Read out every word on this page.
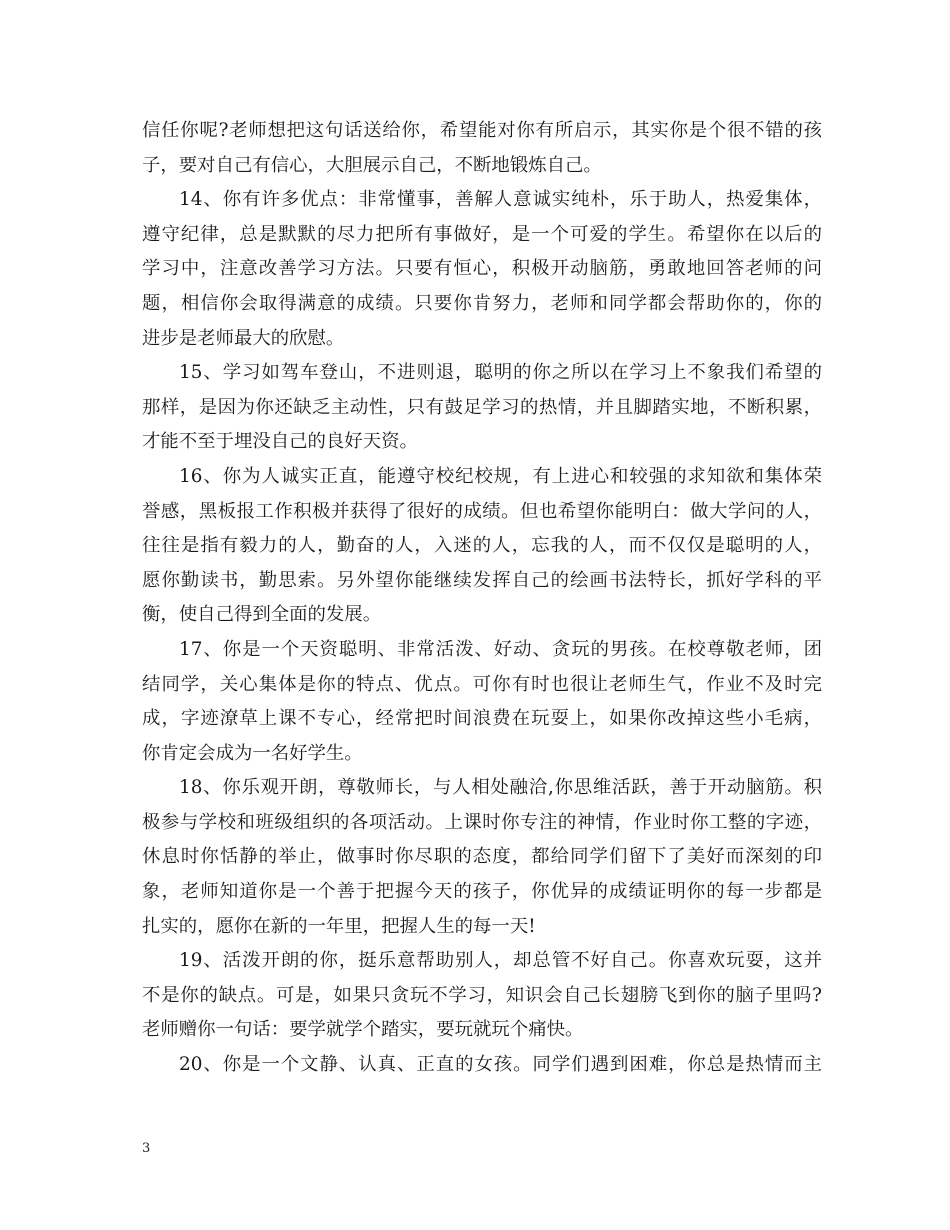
信任你呢?老师想把这句话送给你，希望能对你有所启示，其实你是个很不错的孩
子，要对自己有信心，大胆展示自己，不断地锻炼自己。
14、你有许多优点：非常懂事，善解人意诚实纯朴，乐于助人，热爱集体，
遵守纪律，总是默默的尽力把所有事做好，是一个可爱的学生。希望你在以后的
学习中，注意改善学习方法。只要有恒心，积极开动脑筋，勇敢地回答老师的问
题，相信你会取得满意的成绩。只要你肯努力，老师和同学都会帮助你的，你的
进步是老师最大的欣慰。
15、学习如驾车登山，不进则退，聪明的你之所以在学习上不象我们希望的
那样，是因为你还缺乏主动性，只有鼓足学习的热情，并且脚踏实地，不断积累，
才能不至于埋没自己的良好天资。
16、你为人诚实正直，能遵守校纪校规，有上进心和较强的求知欲和集体荣
誉感，黑板报工作积极并获得了很好的成绩。但也希望你能明白：做大学问的人，
往往是指有毅力的人，勤奋的人，入迷的人，忘我的人，而不仅仅是聪明的人，
愿你勤读书，勤思索。另外望你能继续发挥自己的绘画书法特长，抓好学科的平
衡，使自己得到全面的发展。
17、你是一个天资聪明、非常活泼、好动、贪玩的男孩。在校尊敬老师，团
结同学，关心集体是你的特点、优点。可你有时也很让老师生气，作业不及时完
成，字迹潦草上课不专心，经常把时间浪费在玩耍上，如果你改掉这些小毛病，
你肯定会成为一名好学生。
18、你乐观开朗，尊敬师长，与人相处融洽,你思维活跃，善于开动脑筋。积
极参与学校和班级组织的各项活动。上课时你专注的神情，作业时你工整的字迹，
休息时你恬静的举止，做事时你尽职的态度，都给同学们留下了美好而深刻的印
象，老师知道你是一个善于把握今天的孩子，你优异的成绩证明你的每一步都是
扎实的，愿你在新的一年里，把握人生的每一天!
19、活泼开朗的你，挺乐意帮助别人，却总管不好自己。你喜欢玩耍，这并
不是你的缺点。可是，如果只贪玩不学习，知识会自己长翅膀飞到你的脑子里吗?
老师赠你一句话：要学就学个踏实，要玩就玩个痛快。
20、你是一个文静、认真、正直的女孩。同学们遇到困难，你总是热情而主
3
